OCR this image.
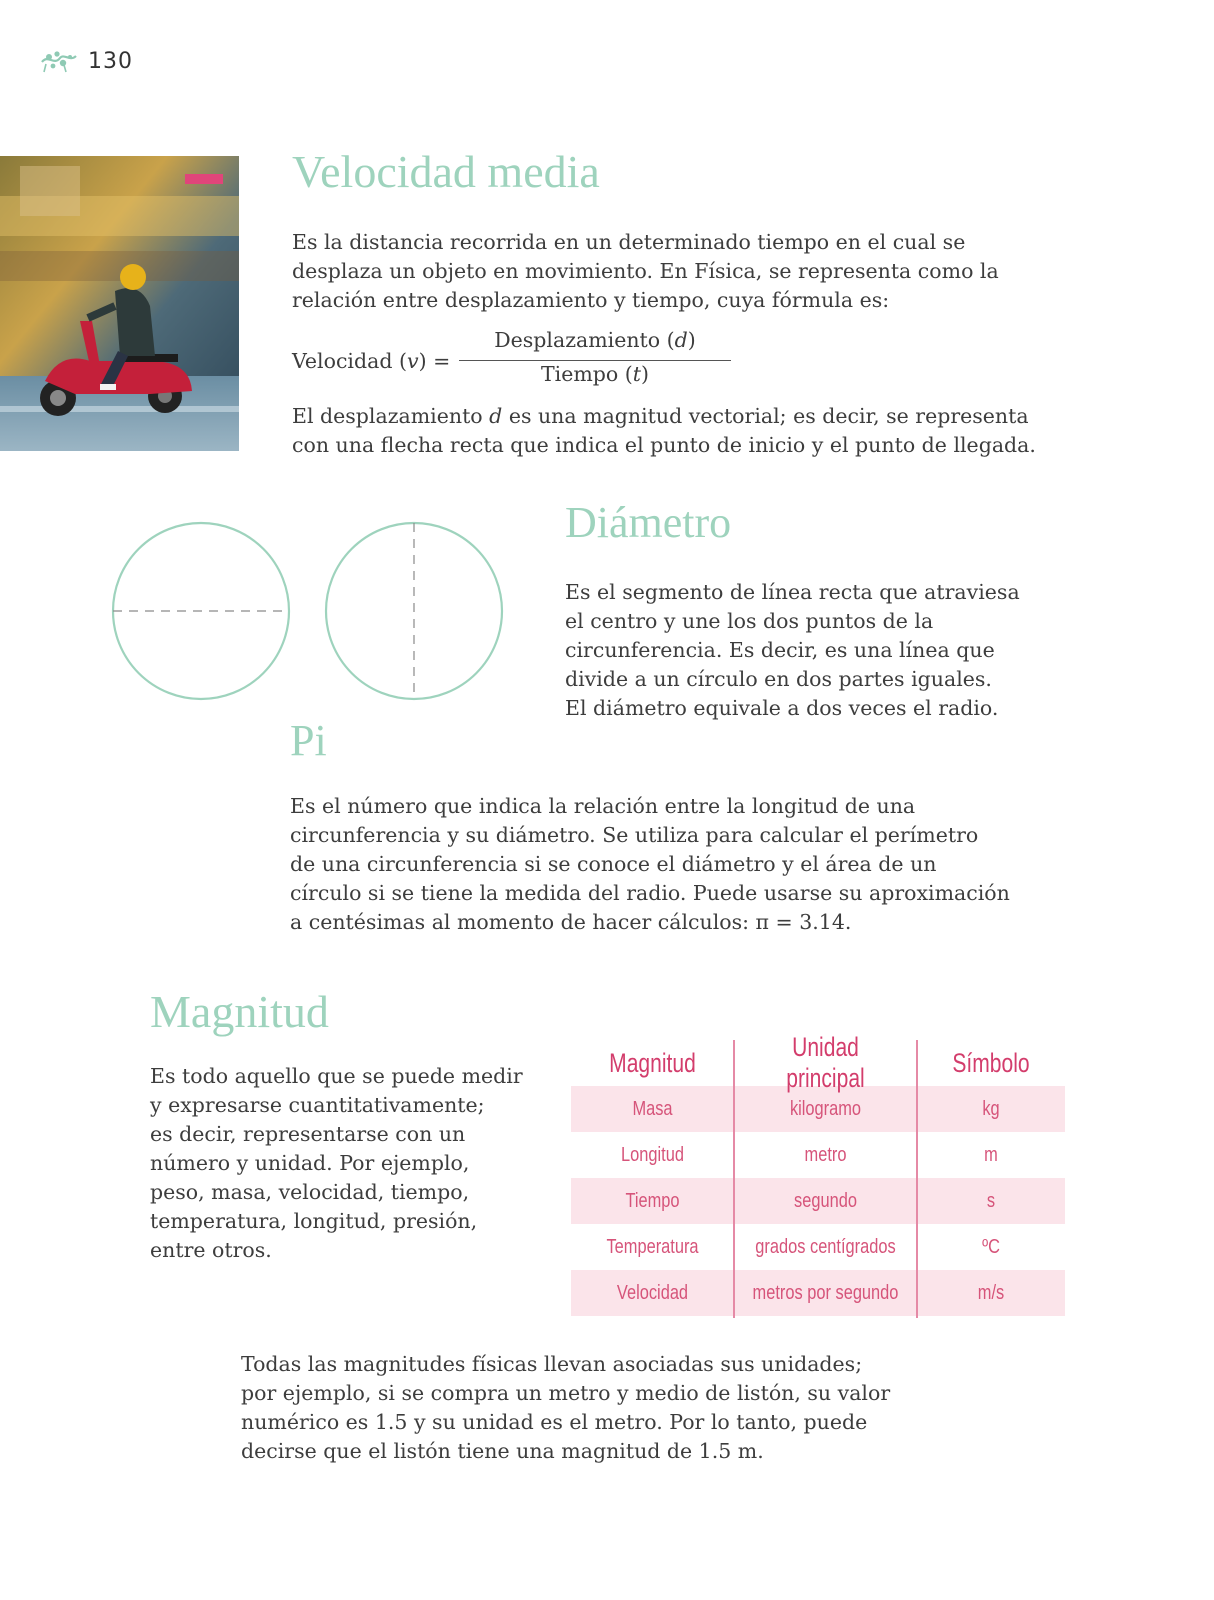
130
Velocidad media

Es la distancia recorrida en un determinado tiempo en el cual se
desplaza un objeto en movimiento. En Física, se representa como la
relación entre desplazamiento y tiempo, cuya fórmula es:

Velocidad (v) =
Desplazamiento (d)
Tiempo (t)

El desplazamiento d es una magnitud vectorial; es decir, se representa
con una flecha recta que indica el punto de inicio y el punto de llegada.

Diámetro

Es el segmento de línea recta que atraviesa
el centro y une los dos puntos de la
circunferencia. Es decir, es una línea que
divide a un círculo en dos partes iguales.
El diámetro equivale a dos veces el radio.

Pi

Es el número que indica la relación entre la longitud de una
circunferencia y su diámetro. Se utiliza para calcular el perímetro
de una circunferencia si se conoce el diámetro y el área de un
círculo si se tiene la medida del radio. Puede usarse su aproximación
a centésimas al momento de hacer cálculos: π = 3.14.

Magnitud

Es todo aquello que se puede medir
y expresarse cuantitativamente;
es decir, representarse con un
número y unidad. Por ejemplo,
peso, masa, velocidad, tiempo,
temperatura, longitud, presión,
entre otros.

Magnitud
Unidad principal
Símbolo
Masa	kilogramo	kg
Longitud	metro	m
Tiempo	segundo	s
Temperatura	grados centígrados	ºC
Velocidad	metros por segundo	m/s

Todas las magnitudes físicas llevan asociadas sus unidades;
por ejemplo, si se compra un metro y medio de listón, su valor
numérico es 1.5 y su unidad es el metro. Por lo tanto, puede
decirse que el listón tiene una magnitud de 1.5 m.
